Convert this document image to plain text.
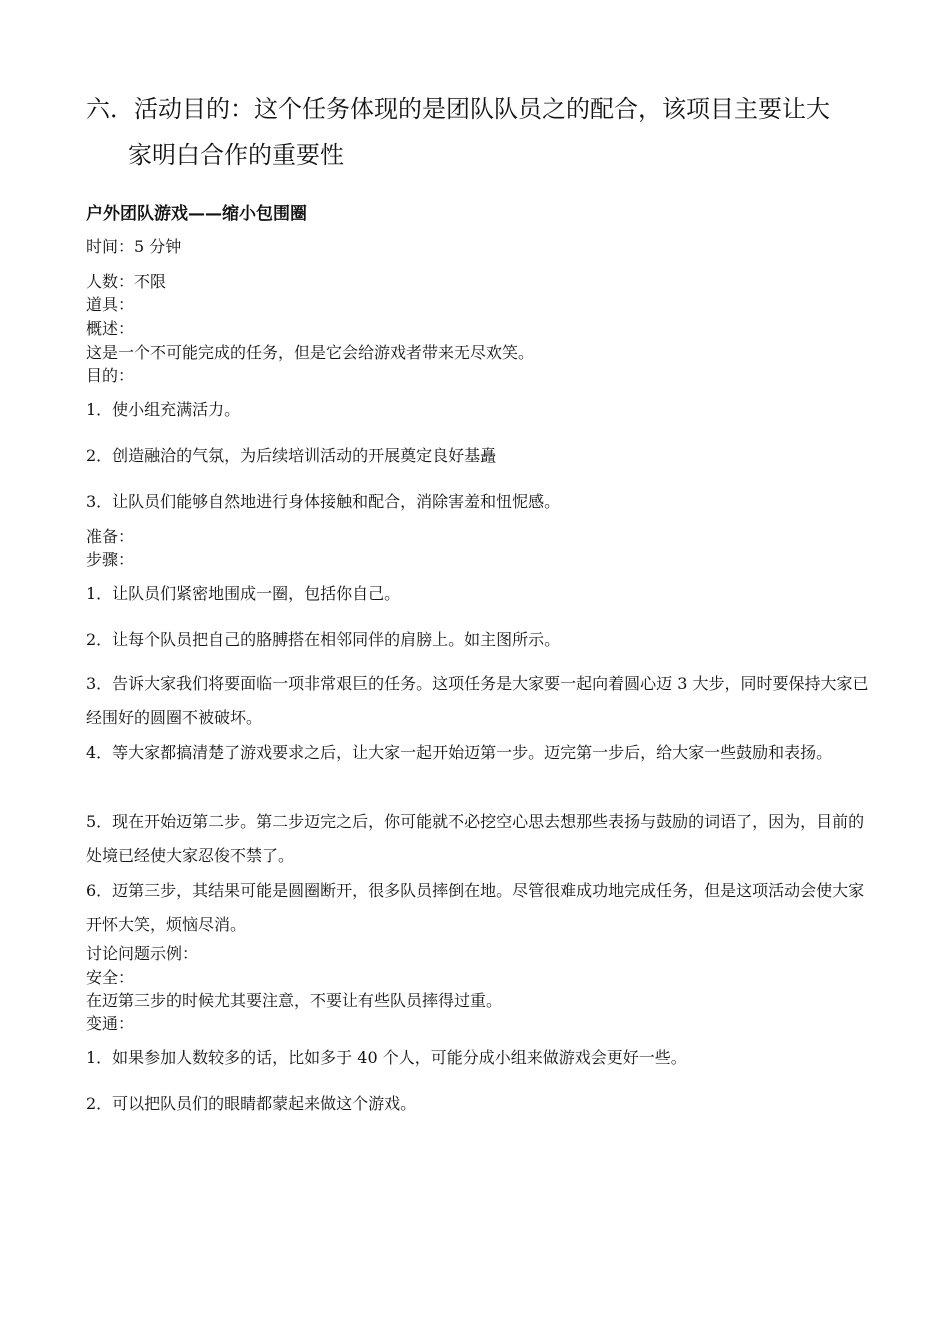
六．活动目的：这个任务体现的是团队队员之的配合，该项目主要让大
家明白合作的重要性
户外团队游戏——缩小包围圈
时间：5 分钟
人数：不限
道具：
概述：
这是一个不可能完成的任务，但是它会给游戏者带来无尽欢笑。
目的：
1．使小组充满活力。
2．创造融洽的气氛，为后续培训活动的开展奠定良好基矗
3．让队员们能够自然地进行身体接触和配合，消除害羞和忸怩感。
准备：
步骤：
1．让队员们紧密地围成一圈，包括你自己。
2．让每个队员把自己的胳膊搭在相邻同伴的肩膀上。如主图所示。
3．告诉大家我们将要面临一项非常艰巨的任务。这项任务是大家要一起向着圆心迈 3 大步，同时要保持大家已经围好的圆圈不被破坏。
4．等大家都搞清楚了游戏要求之后，让大家一起开始迈第一步。迈完第一步后，给大家一些鼓励和表扬。
5．现在开始迈第二步。第二步迈完之后，你可能就不必挖空心思去想那些表扬与鼓励的词语了，因为，目前的处境已经使大家忍俊不禁了。
6．迈第三步，其结果可能是圆圈断开，很多队员摔倒在地。尽管很难成功地完成任务，但是这项活动会使大家开怀大笑，烦恼尽消。
讨论问题示例：
安全：
在迈第三步的时候尤其要注意，不要让有些队员摔得过重。
变通：
1．如果参加人数较多的话，比如多于 40 个人，可能分成小组来做游戏会更好一些。
2．可以把队员们的眼睛都蒙起来做这个游戏。
